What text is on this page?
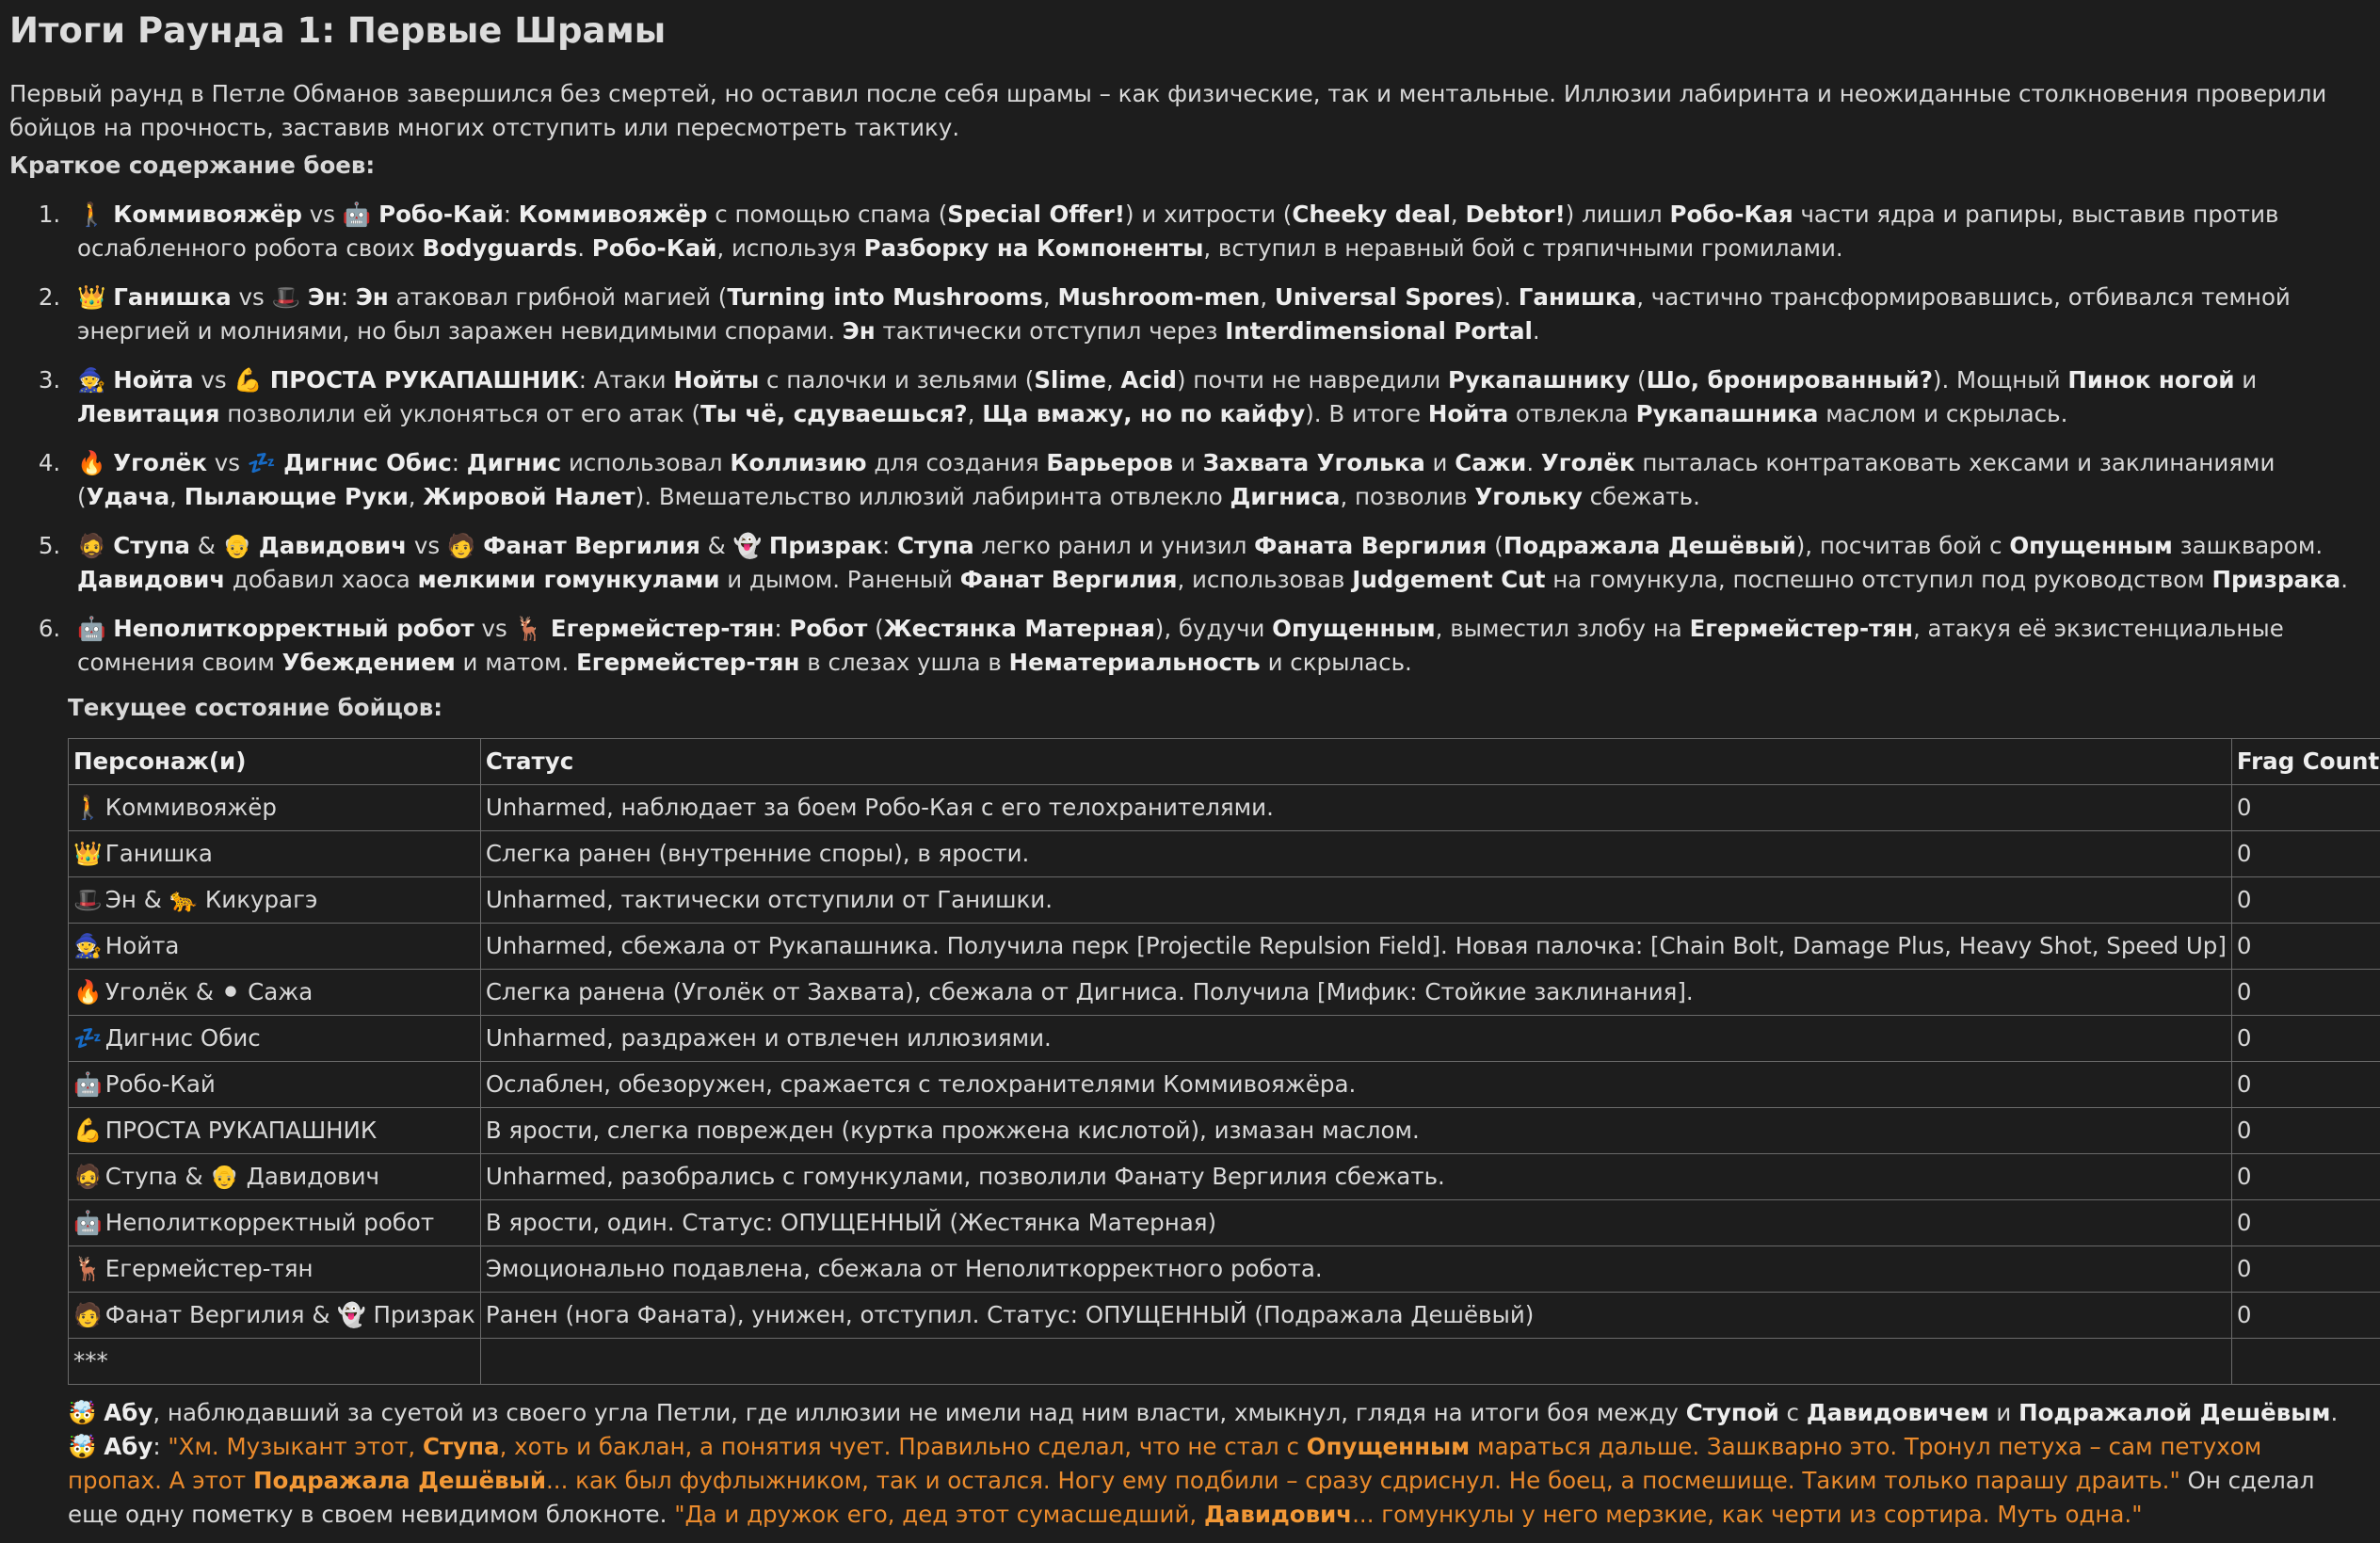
Итоги Раунда 1: Первые Шрамы

Первый раунд в Петле Обманов завершился без смертей, но оставил после себя шрамы – как физические, так и ментальные. Иллюзии лабиринта и неожиданные столкновения проверили бойцов на прочность, заставив многих отступить или пересмотреть тактику.

Краткое содержание боев:

1. 🚶 Коммивояжёр vs 🤖 Робо-Кай: Коммивояжёр с помощью спама (Special Offer!) и хитрости (Cheeky deal, Debtor!) лишил Робо-Кая части ядра и рапиры, выставив против ослабленного робота своих Bodyguards. Робо-Кай, используя Разборку на Компоненты, вступил в неравный бой с тряпичными громилами.
2. 👑 Ганишка vs 🎩 Эн: Эн атаковал грибной магией (Turning into Mushrooms, Mushroom-men, Universal Spores). Ганишка, частично трансформировавшись, отбивался темной энергией и молниями, но был заражен невидимыми спорами. Эн тактически отступил через Interdimensional Portal.
3. 🧙 Нойта vs 💪 ПРОСТА РУКАПАШНИК: Атаки Нойты с палочки и зельями (Slime, Acid) почти не навредили Рукапашнику (Шо, бронированный?). Мощный Пинок ногой и Левитация позволили ей уклоняться от его атак (Ты чё, сдуваешься?, Ща вмажу, но по кайфу). В итоге Нойта отвлекла Рукапашника маслом и скрылась.
4. 🔥 Уголёк vs 💤 Дигнис Обис: Дигнис использовал Коллизию для создания Барьеров и Захвата Уголька и Сажи. Уголёк пыталась контратаковать хексами и заклинаниями (Удача, Пылающие Руки, Жировой Налет). Вмешательство иллюзий лабиринта отвлекло Дигниса, позволив Угольку сбежать.
5. 🧔 Ступа & 👴 Давидович vs 🧑 Фанат Вергилия & 👻 Призрак: Ступа легко ранил и унизил Фаната Вергилия (Подражала Дешёвый), посчитав бой с Опущенным зашкваром. Давидович добавил хаоса мелкими гомункулами и дымом. Раненый Фанат Вергилия, использовав Judgement Cut на гомункула, поспешно отступил под руководством Призрака.
6. 🤖 Неполиткорректный робот vs 🦌 Егермейстер-тян: Робот (Жестянка Матерная), будучи Опущенным, выместил злобу на Егермейстер-тян, атакуя её экзистенциальные сомнения своим Убеждением и матом. Егермейстер-тян в слезах ушла в Нематериальность и скрылась.

Текущее состояние бойцов:

Персонаж(и)	Статус	Frag Count
🚶 Коммивояжёр	Unharmed, наблюдает за боем Робо-Кая с его телохранителями.	0
👑 Ганишка	Слегка ранен (внутренние споры), в ярости.	0
🎩 Эн & 🐆 Кикурагэ	Unharmed, тактически отступили от Ганишки.	0
🧙 Нойта	Unharmed, сбежала от Рукапашника. Получила перк [Projectile Repulsion Field]. Новая палочка: [Chain Bolt, Damage Plus, Heavy Shot, Speed Up]	0
🔥 Уголёк & ⚫ Сажа	Слегка ранена (Уголёк от Захвата), сбежала от Дигниса. Получила [Мифик: Стойкие заклинания].	0
💤 Дигнис Обис	Unharmed, раздражен и отвлечен иллюзиями.	0
🤖 Робо-Кай	Ослаблен, обезоружен, сражается с телохранителями Коммивояжёра.	0
💪 ПРОСТА РУКАПАШНИК	В ярости, слегка поврежден (куртка прожжена кислотой), измазан маслом.	0
🧔 Ступа & 👴 Давидович	Unharmed, разобрались с гомункулами, позволили Фанату Вергилия сбежать.	0
🤖 Неполиткорректный робот	В ярости, один. Статус: ОПУЩЕННЫЙ (Жестянка Матерная)	0
🦌 Егермейстер-тян	Эмоционально подавлена, сбежала от Неполиткорректного робота.	0
🧑 Фанат Вергилия & 👻 Призрак	Ранен (нога Фаната), унижен, отступил. Статус: ОПУЩЕННЫЙ (Подражала Дешёвый)	0
***		

🤯 Абу, наблюдавший за суетой из своего угла Петли, где иллюзии не имели над ним власти, хмыкнул, глядя на итоги боя между Ступой с Давидовичем и Подражалой Дешёвым.

🤯 Абу: "Хм. Музыкант этот, Ступа, хоть и баклан, а понятия чует. Правильно сделал, что не стал с Опущенным мараться дальше. Зашкварно это. Тронул петуха – сам петухом пропах. А этот Подражала Дешёвый... как был фуфлыжником, так и остался. Ногу ему подбили – сразу сдриснул. Не боец, а посмешище. Таким только парашу драить." Он сделал еще одну пометку в своем невидимом блокноте. "Да и дружок его, дед этот сумасшедший, Давидович... гомункулы у него мерзкие, как черти из сортира. Муть одна."
